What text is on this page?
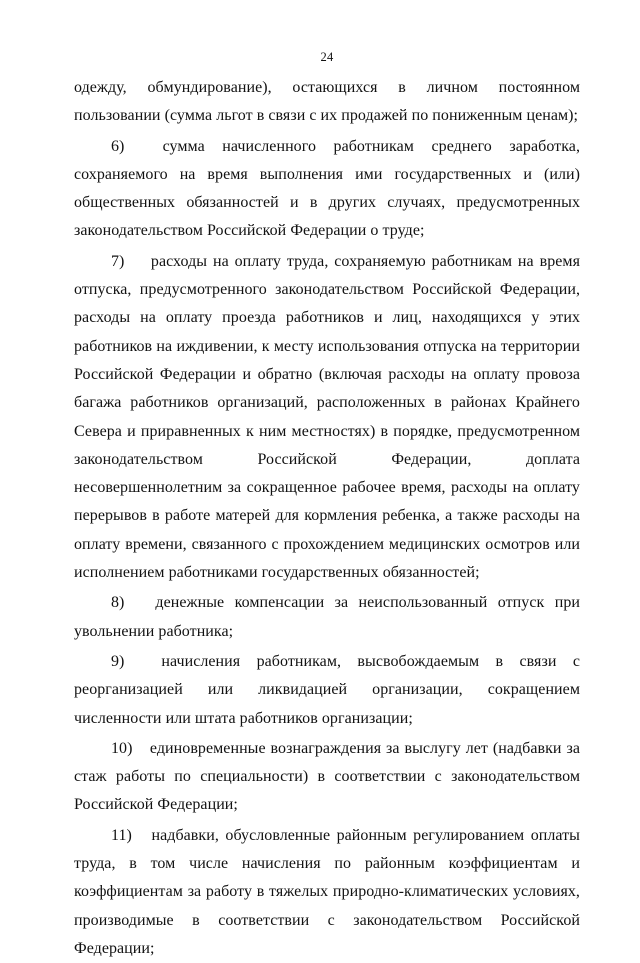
24

одежду, обмундирование), остающихся в личном постоянном пользовании (сумма льгот в связи с их продажей по пониженным ценам);

6) сумма начисленного работникам среднего заработка, сохраняемого на время выполнения ими государственных и (или) общественных обязанностей и в других случаях, предусмотренных законодательством Российской Федерации о труде;

7) расходы на оплату труда, сохраняемую работникам на время отпуска, предусмотренного законодательством Российской Федерации, расходы на оплату проезда работников и лиц, находящихся у этих работников на иждивении, к месту использования отпуска на территории Российской Федерации и обратно (включая расходы на оплату провоза багажа работников организаций, расположенных в районах Крайнего Севера и приравненных к ним местностях) в порядке, предусмотренном законодательством Российской Федерации, доплата несовершеннолетним за сокращенное рабочее время, расходы на оплату перерывов в работе матерей для кормления ребенка, а также расходы на оплату времени, связанного с прохождением медицинских осмотров или исполнением работниками государственных обязанностей;

8) денежные компенсации за неиспользованный отпуск при увольнении работника;

9) начисления работникам, высвобождаемым в связи с реорганизацией или ликвидацией организации, сокращением численности или штата работников организации;

10) единовременные вознаграждения за выслугу лет (надбавки за стаж работы по специальности) в соответствии с законодательством Российской Федерации;

11) надбавки, обусловленные районным регулированием оплаты труда, в том числе начисления по районным коэффициентам и коэффициентам за работу в тяжелых природно-климатических условиях, производимые в соответствии с законодательством Российской Федерации;
